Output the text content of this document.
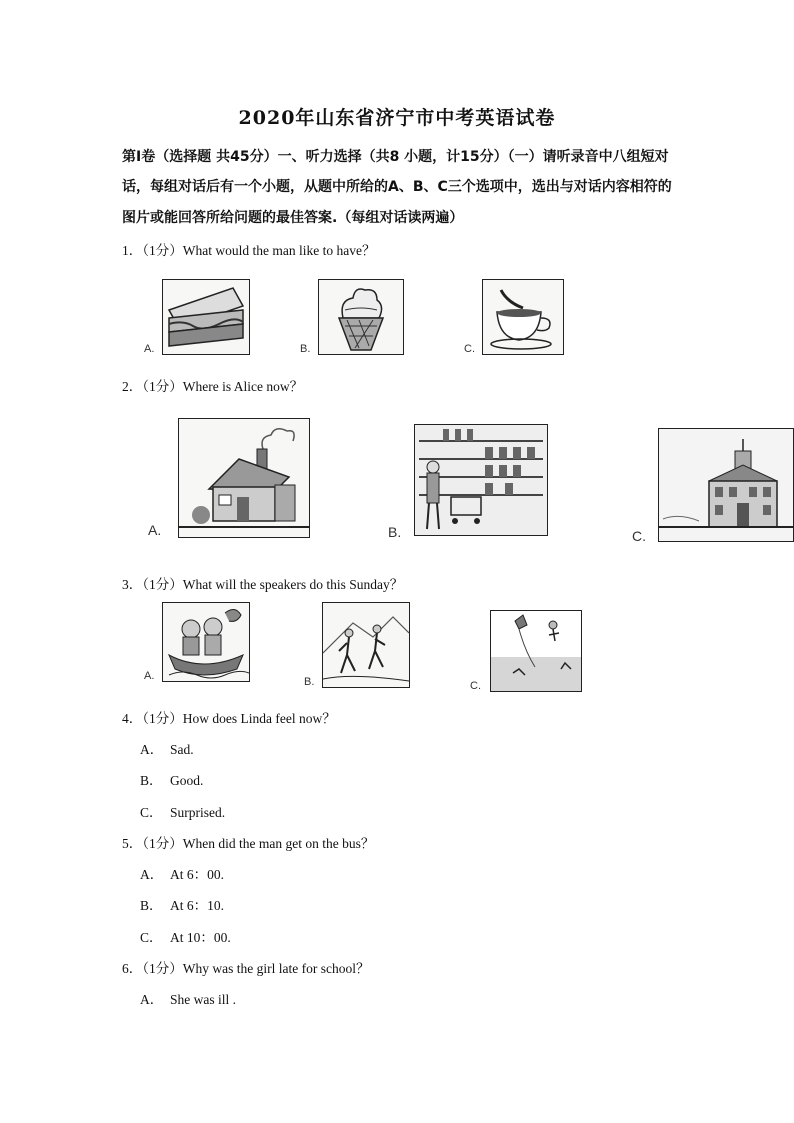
2020年山东省济宁市中考英语试卷
第I卷（选择题 共45分）一、听力选择（共8 小题，计15分）（一）请听录音中八组短对
话，每组对话后有一个小题，从题中所给的A、B、C三个选项中，选出与对话内容相符的
图片或能回答所给问题的最佳答案.（每组对话读两遍）
1．（1分）What would the man like to have？
A.	B.	C.
2．（1分）Where is Alice now？
A.	B.	C.
3．（1分）What will the speakers do this Sunday？
A.	B.	C.
4．（1分）How does Linda feel now？
A． Sad.
B． Good.
C． Surprised.
5．（1分）When did the man get on the bus？
A． At 6：00.
B． At 6：10.
C． At 10：00.
6．（1分）Why was the girl late for school？
A． She was ill .
